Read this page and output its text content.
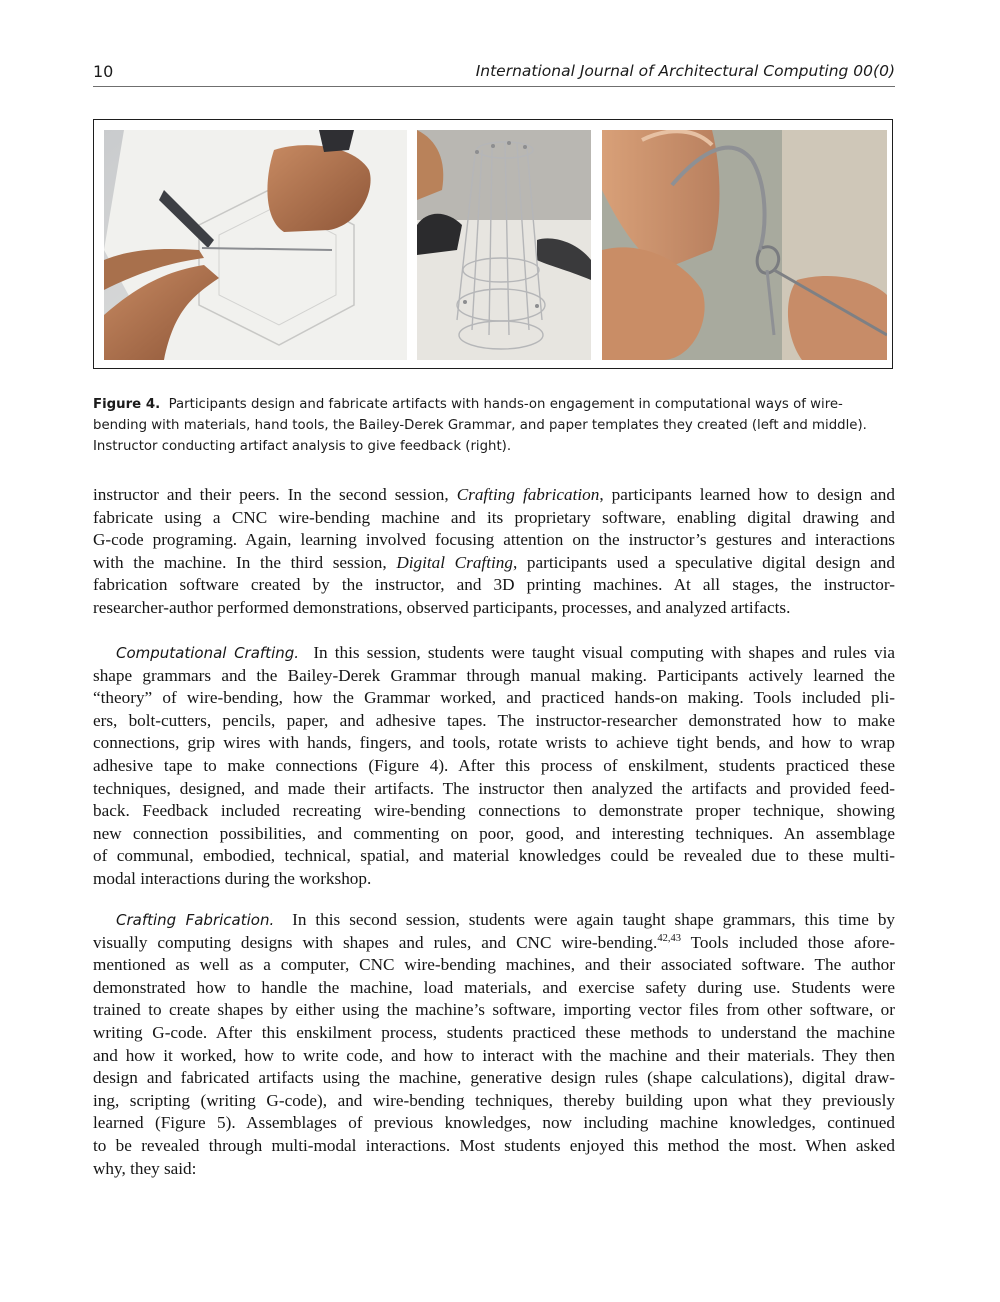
10	International Journal of Architectural Computing 00(0)
Figure 4. Participants design and fabricate artifacts with hands-on engagement in computational ways of wire-
bending with materials, hand tools, the Bailey-Derek Grammar, and paper templates they created (left and middle).
Instructor conducting artifact analysis to give feedback (right).
instructor and their peers. In the second session, Crafting fabrication, participants learned how to design and
fabricate using a CNC wire-bending machine and its proprietary software, enabling digital drawing and
G-code programing. Again, learning involved focusing attention on the instructor’s gestures and interactions
with the machine. In the third session, Digital Crafting, participants used a speculative digital design and
fabrication software created by the instructor, and 3D printing machines. At all stages, the instructor-
researcher-author performed demonstrations, observed participants, processes, and analyzed artifacts.
Computational Crafting. In this session, students were taught visual computing with shapes and rules via
shape grammars and the Bailey-Derek Grammar through manual making. Participants actively learned the
“theory” of wire-bending, how the Grammar worked, and practiced hands-on making. Tools included pli-
ers, bolt-cutters, pencils, paper, and adhesive tapes. The instructor-researcher demonstrated how to make
connections, grip wires with hands, fingers, and tools, rotate wrists to achieve tight bends, and how to wrap
adhesive tape to make connections (Figure 4). After this process of enskilment, students practiced these
techniques, designed, and made their artifacts. The instructor then analyzed the artifacts and provided feed-
back. Feedback included recreating wire-bending connections to demonstrate proper technique, showing
new connection possibilities, and commenting on poor, good, and interesting techniques. An assemblage
of communal, embodied, technical, spatial, and material knowledges could be revealed due to these multi-
modal interactions during the workshop.
Crafting Fabrication. In this second session, students were again taught shape grammars, this time by
visually computing designs with shapes and rules, and CNC wire-bending.$^{42,43}$ Tools included those afore-
mentioned as well as a computer, CNC wire-bending machines, and their associated software. The author
demonstrated how to handle the machine, load materials, and exercise safety during use. Students were
trained to create shapes by either using the machine’s software, importing vector files from other software, or
writing G-code. After this enskilment process, students practiced these methods to understand the machine
and how it worked, how to write code, and how to interact with the machine and their materials. They then
design and fabricated artifacts using the machine, generative design rules (shape calculations), digital draw-
ing, scripting (writing G-code), and wire-bending techniques, thereby building upon what they previously
learned (Figure 5). Assemblages of previous knowledges, now including machine knowledges, continued
to be revealed through multi-modal interactions. Most students enjoyed this method the most. When asked
why, they said:
